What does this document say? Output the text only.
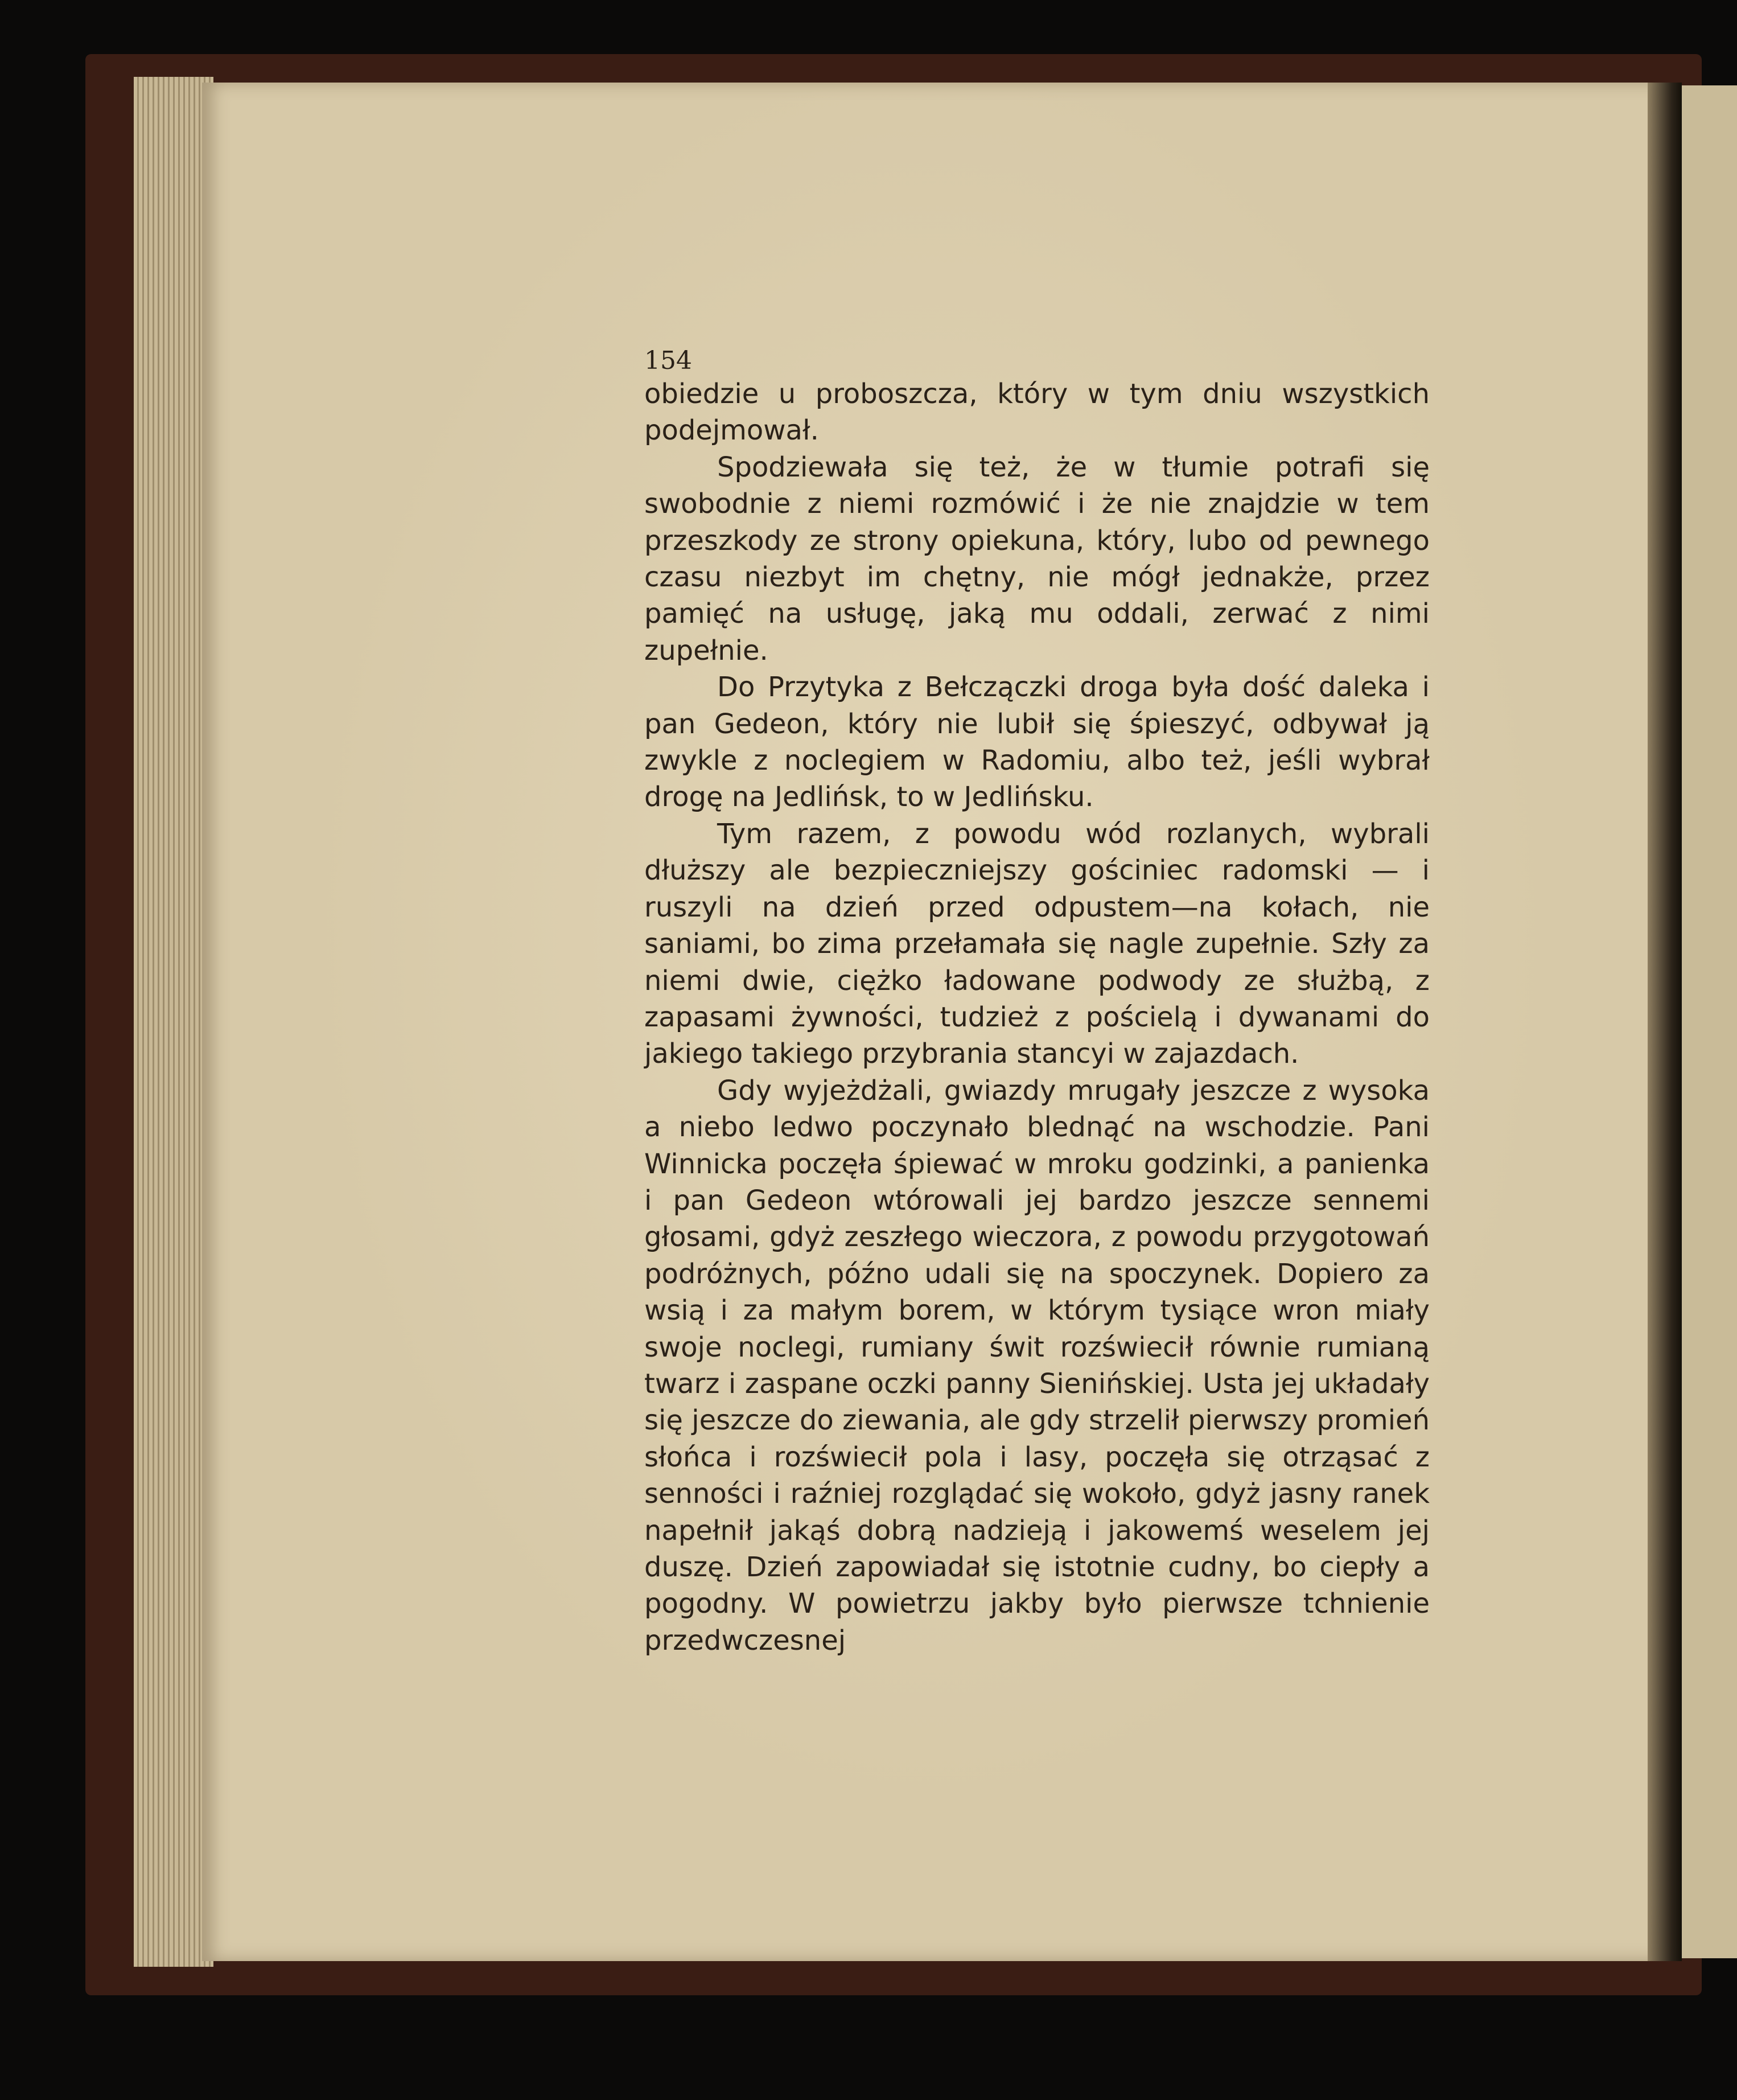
154

obiedzie u proboszcza, który w tym dniu wszystkich podejmował.

Spodziewała się też, że w tłumie potrafi się swobodnie z niemi rozmówić i że nie znajdzie w tem przeszkody ze strony opiekuna, który, lubo od pewnego czasu niezbyt im chętny, nie mógł jednakże, przez pamięć na usługę, jaką mu oddali, zerwać z nimi zupełnie.

Do Przytyka z Bełczączki droga była dość daleka i pan Gedeon, który nie lubił się śpieszyć, odbywał ją zwykle z noclegiem w Radomiu, albo też, jeśli wybrał drogę na Jedlińsk, to w Jedlińsku.

Tym razem, z powodu wód rozlanych, wybrali dłuższy ale bezpieczniejszy gościniec radomski — i ruszyli na dzień przed odpustem—na kołach, nie saniami, bo zima przełamała się nagle zupełnie. Szły za niemi dwie, ciężko ładowane podwody ze służbą, z zapasami żywności, tudzież z pościelą i dywanami do jakiego takiego przybrania stancyi w zajazdach.

Gdy wyjeżdżali, gwiazdy mrugały jeszcze z wysoka a niebo ledwo poczynało blednąć na wschodzie. Pani Winnicka poczęła śpiewać w mroku godzinki, a panienka i pan Gedeon wtórowali jej bardzo jeszcze sennemi głosami, gdyż zeszłego wieczora, z powodu przygotowań podróżnych, późno udali się na spoczynek. Dopiero za wsią i za małym borem, w którym tysiące wron miały swoje noclegi, rumiany świt rozświecił równie rumianą twarz i zaspane oczki panny Sienińskiej. Usta jej układały się jeszcze do ziewania, ale gdy strzelił pierwszy promień słońca i rozświecił pola i lasy, poczęła się otrząsać z senności i raźniej rozglądać się wokoło, gdyż jasny ranek napełnił jakąś dobrą nadzieją i jakowemś weselem jej duszę. Dzień zapowiadał się istotnie cudny, bo ciepły a pogodny. W powietrzu jakby było pierwsze tchnienie przedwczesnej
